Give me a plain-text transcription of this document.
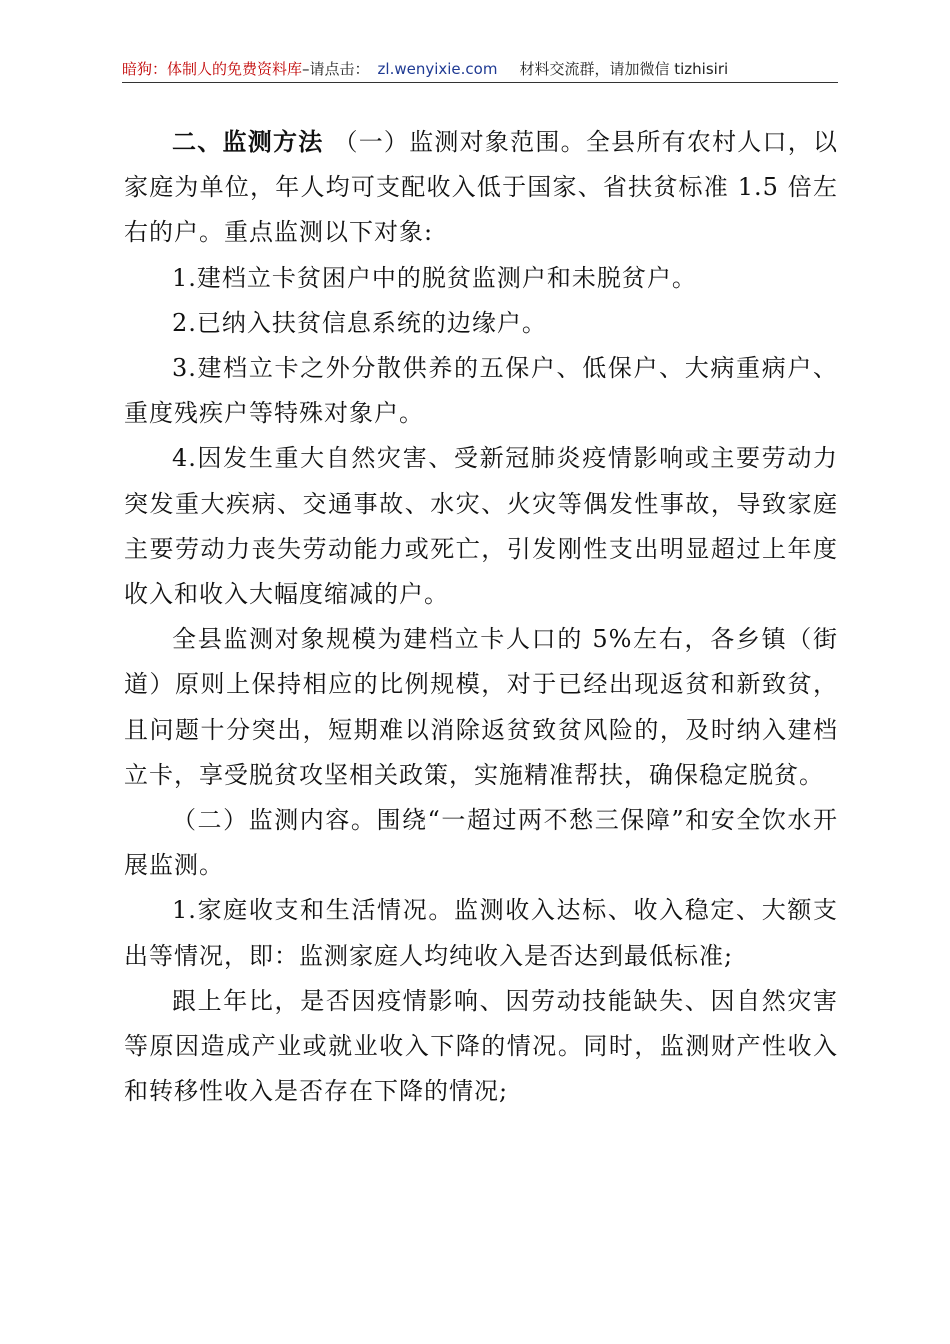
暗狗：体制人的免费资料库 –请点击： zl.wenyixie.com 材料交流群，请加微信 tizhisiri

二、监测方法 （一）监测对象范围。全县所有农村人口，以家庭为单位，年人均可支配收入低于国家、省扶贫标准 1.5 倍左右的户。重点监测以下对象:

1.建档立卡贫困户中的脱贫监测户和未脱贫户。

2.已纳入扶贫信息系统的边缘户。

3.建档立卡之外分散供养的五保户、低保户、大病重病户、重度残疾户等特殊对象户。

4.因发生重大自然灾害、受新冠肺炎疫情影响或主要劳动力突发重大疾病、交通事故、水灾、火灾等偶发性事故，导致家庭主要劳动力丧失劳动能力或死亡，引发刚性支出明显超过上年度收入和收入大幅度缩减的户。

全县监测对象规模为建档立卡人口的 5%左右，各乡镇（街道）原则上保持相应的比例规模，对于已经出现返贫和新致贫，且问题十分突出，短期难以消除返贫致贫风险的，及时纳入建档立卡，享受脱贫攻坚相关政策，实施精准帮扶，确保稳定脱贫。

（二）监测内容。围绕“一超过两不愁三保障”和安全饮水开展监测。

1.家庭收支和生活情况。监测收入达标、收入稳定、大额支出等情况，即：监测家庭人均纯收入是否达到最低标准;

跟上年比，是否因疫情影响、因劳动技能缺失、因自然灾害等原因造成产业或就业收入下降的情况。同时，监测财产性收入和转移性收入是否存在下降的情况;
